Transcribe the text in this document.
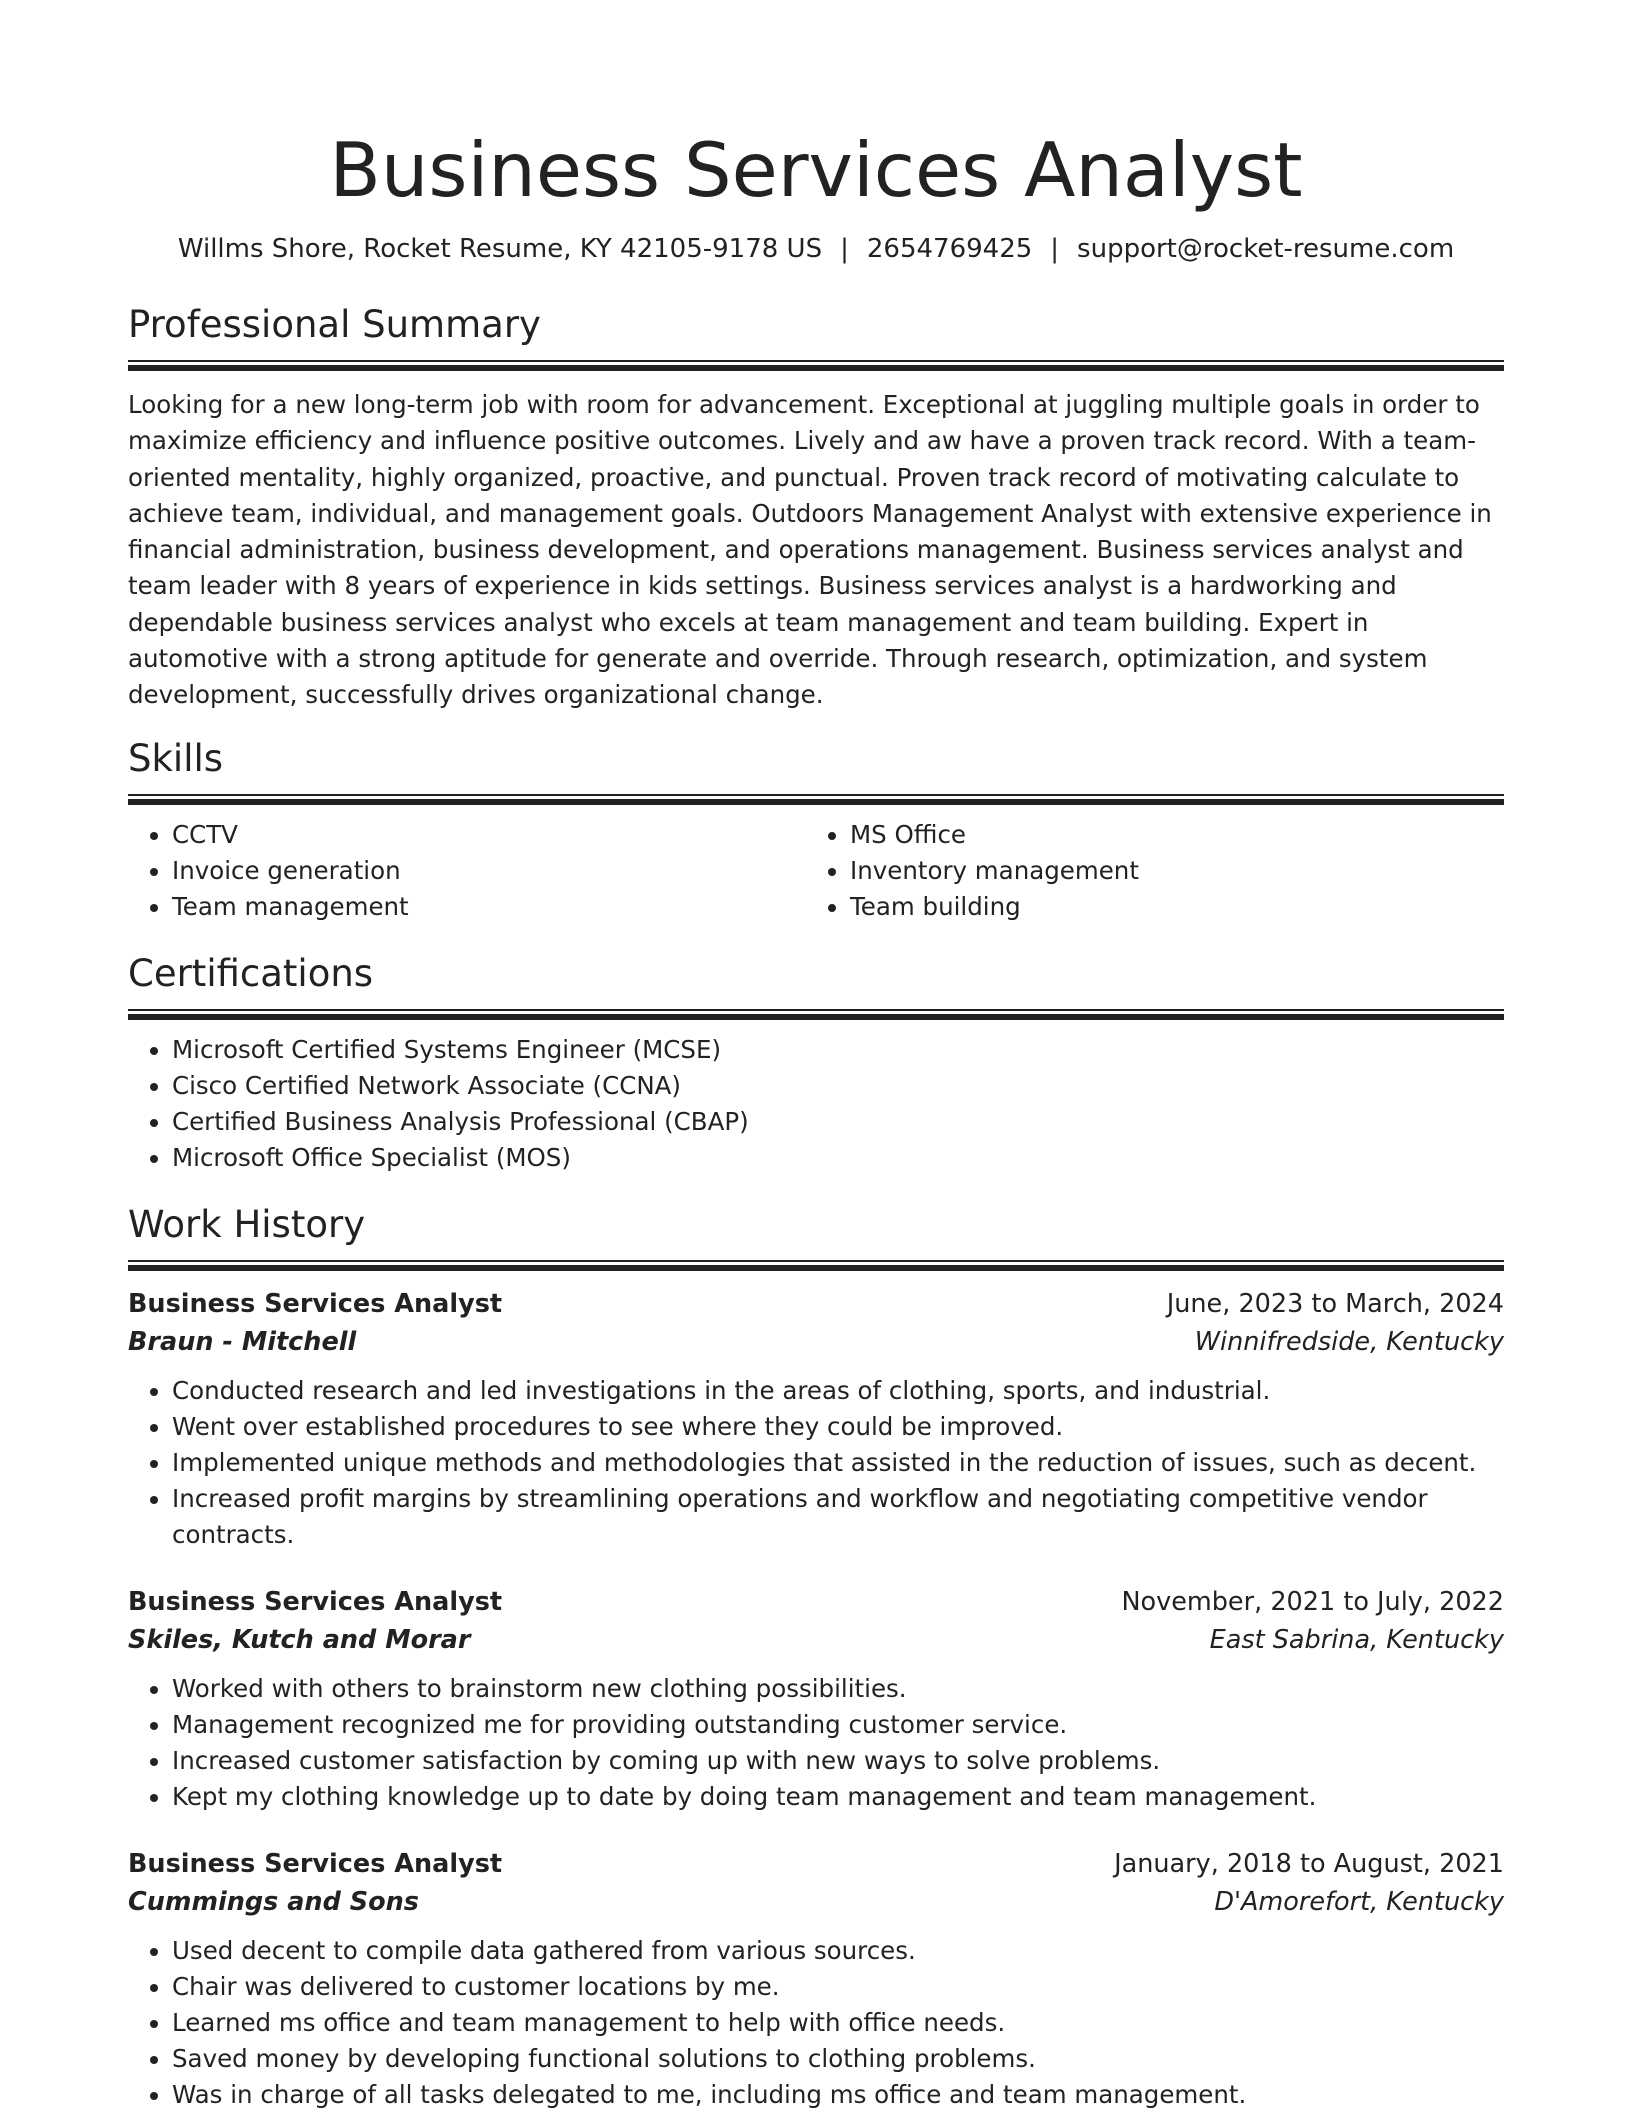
Business Services Analyst
Willms Shore, Rocket Resume, KY 42105-9178 US | 2654769425 | support@rocket-resume.com
Professional Summary

Looking for a new long-term job with room for advancement. Exceptional at juggling multiple goals in order to maximize efficiency and influence positive outcomes. Lively and aw have a proven track record. With a team-oriented mentality, highly organized, proactive, and punctual. Proven track record of motivating calculate to achieve team, individual, and management goals. Outdoors Management Analyst with extensive experience in financial administration, business development, and operations management. Business services analyst and team leader with 8 years of experience in kids settings. Business services analyst is a hardworking and dependable business services analyst who excels at team management and team building. Expert in automotive with a strong aptitude for generate and override. Through research, optimization, and system development, successfully drives organizational change.

Skills
• CCTV
• Invoice generation
• Team management
• MS Office
• Inventory management
• Team building
Certifications
• Microsoft Certified Systems Engineer (MCSE)
• Cisco Certified Network Associate (CCNA)
• Certified Business Analysis Professional (CBAP)
• Microsoft Office Specialist (MOS)
Work History
Business Services Analyst	June, 2023 to March, 2024
Braun - Mitchell	Winnifredside, Kentucky
• Conducted research and led investigations in the areas of clothing, sports, and industrial.
• Went over established procedures to see where they could be improved.
• Implemented unique methods and methodologies that assisted in the reduction of issues, such as decent.
• Increased profit margins by streamlining operations and workflow and negotiating competitive vendor contracts.
Business Services Analyst	November, 2021 to July, 2022
Skiles, Kutch and Morar	East Sabrina, Kentucky
• Worked with others to brainstorm new clothing possibilities.
• Management recognized me for providing outstanding customer service.
• Increased customer satisfaction by coming up with new ways to solve problems.
• Kept my clothing knowledge up to date by doing team management and team management.
Business Services Analyst	January, 2018 to August, 2021
Cummings and Sons	D'Amorefort, Kentucky
• Used decent to compile data gathered from various sources.
• Chair was delivered to customer locations by me.
• Learned ms office and team management to help with office needs.
• Saved money by developing functional solutions to clothing problems.
• Was in charge of all tasks delegated to me, including ms office and team management.
